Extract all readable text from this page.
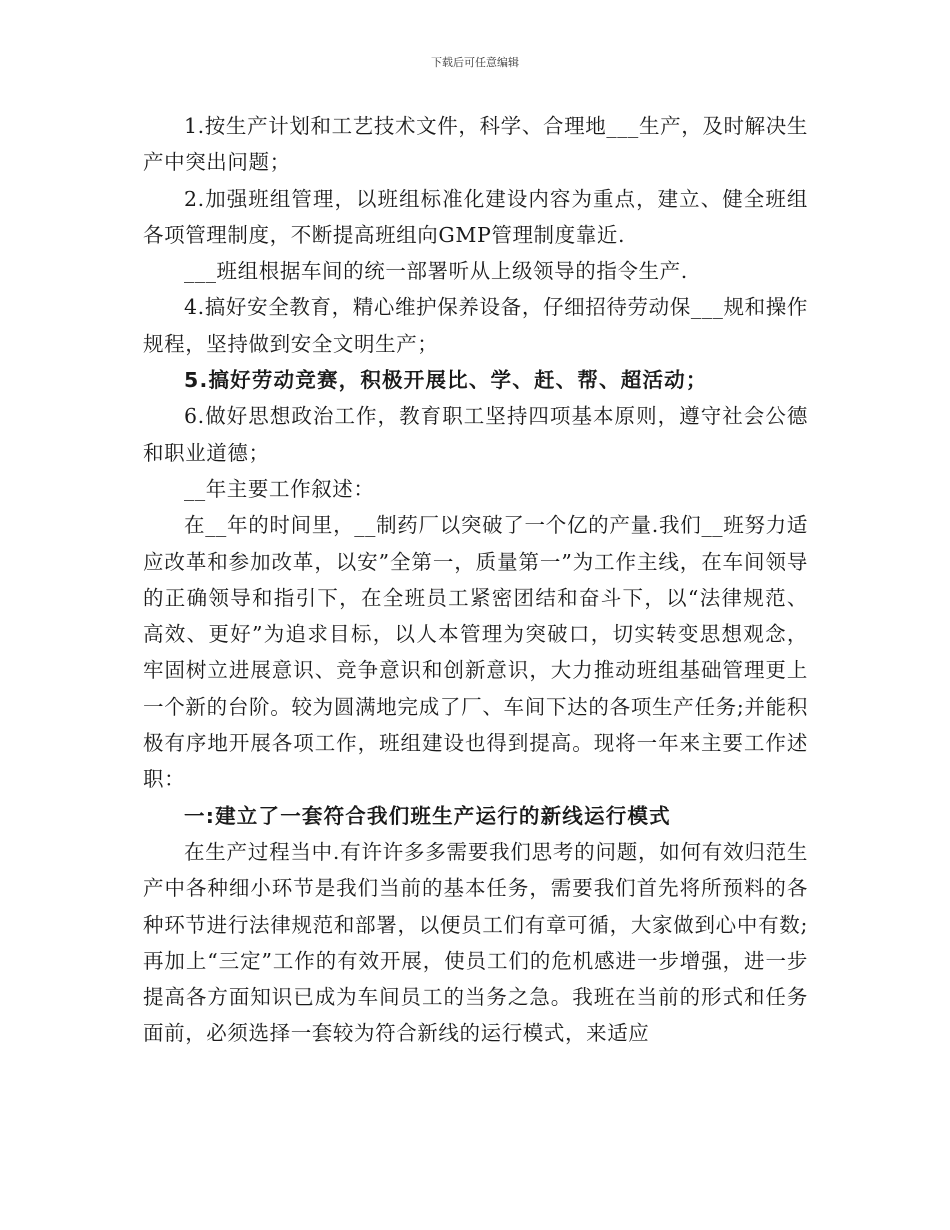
下载后可任意编辑

1.按生产计划和工艺技术文件，科学、合理地___生产，及时解决生产中突出问题；

2.加强班组管理，以班组标准化建设内容为重点，建立、健全班组各项管理制度，不断提高班组向GMP管理制度靠近.

___班组根据车间的统一部署听从上级领导的指令生产.

4.搞好安全教育，精心维护保养设备，仔细招待劳动保___规和操作规程，坚持做到安全文明生产；

5.搞好劳动竞赛，积极开展比、学、赶、帮、超活动；

6.做好思想政治工作，教育职工坚持四项基本原则，遵守社会公德和职业道德；

__年主要工作叙述：

在__年的时间里，__制药厂以突破了一个亿的产量.我们__班努力适应改革和参加改革，以安”全第一，质量第一”为工作主线，在车间领导的正确领导和指引下，在全班员工紧密团结和奋斗下，以“法律规范、高效、更好”为追求目标，以人本管理为突破口，切实转变思想观念，牢固树立进展意识、竞争意识和创新意识，大力推动班组基础管理更上一个新的台阶。较为圆满地完成了厂、车间下达的各项生产任务;并能积极有序地开展各项工作，班组建设也得到提高。现将一年来主要工作述职：

一:建立了一套符合我们班生产运行的新线运行模式

在生产过程当中.有许许多多需要我们思考的问题，如何有效归范生产中各种细小环节是我们当前的基本任务，需要我们首先将所预料的各种环节进行法律规范和部署，以便员工们有章可循，大家做到心中有数;再加上“三定”工作的有效开展，使员工们的危机感进一步增强，进一步提高各方面知识已成为车间员工的当务之急。我班在当前的形式和任务面前，必须选择一套较为符合新线的运行模式，来适应
